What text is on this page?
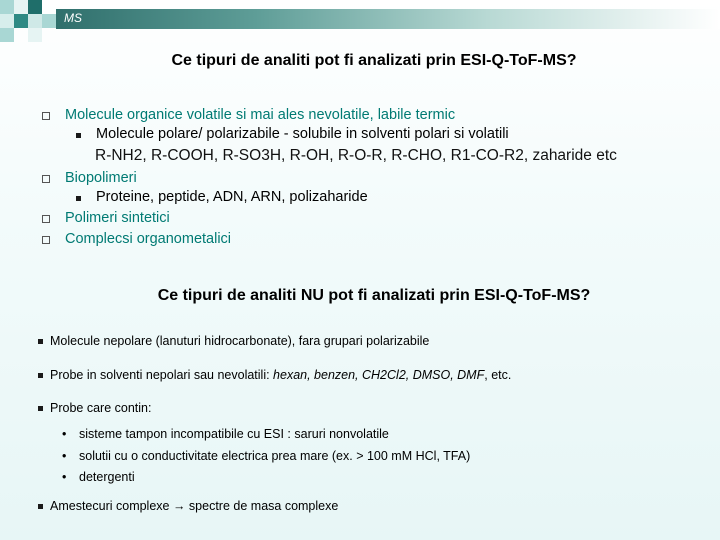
MS
Ce tipuri de analiti pot fi analizati prin ESI-Q-ToF-MS?
Molecule organice volatile si mai ales nevolatile, labile termic
Molecule polare/ polarizabile - solubile in solventi polari si volatili
R-NH2, R-COOH, R-SO3H, R-OH, R-O-R, R-CHO, R1-CO-R2, zaharide etc
Biopolimeri
Proteine, peptide, ADN, ARN, polizaharide
Polimeri sintetici
Complecsi organometalici
Ce tipuri de analiti NU pot fi analizati prin ESI-Q-ToF-MS?
Molecule nepolare (lanuturi hidrocarbonate), fara grupari polarizabile
Probe in solventi nepolari sau nevolatili: hexan, benzen, CH2Cl2, DMSO, DMF, etc.
Probe care contin:
• sisteme tampon incompatibile cu ESI : saruri nonvolatile
• solutii cu o conductivitate electrica prea mare (ex. > 100 mM HCl, TFA)
• detergenti
Amestecuri complexe → spectre de masa complexe
